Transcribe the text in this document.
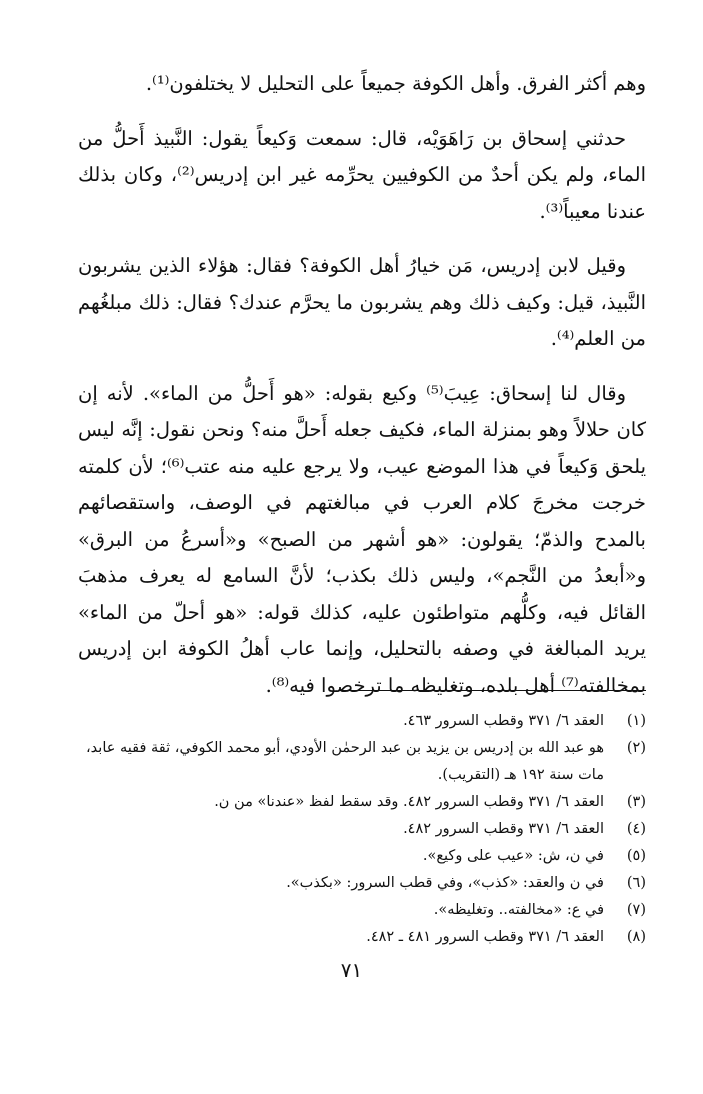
وهم أكثر الفرق. وأهل الكوفة جميعاً على التحليل لا يختلفون⁽¹⁾.

حدثني إسحاق بن رَاهَوَيْه، قال: سمعت وَكيعاً يقول: النَّبيذ أَحلُّ من الماء، ولم يكن أحدٌ من الكوفيين يحرِّمه غير ابن إدريس⁽²⁾، وكان بذلك عندنا معيباً⁽³⁾.

وقيل لابن إدريس، مَن خيارُ أهل الكوفة؟ فقال: هؤلاء الذين يشربون النَّبيذ، قيل: وكيف ذلك وهم يشربون ما يحرَّم عندك؟ فقال: ذلك مبلغُهم من العلم⁽⁴⁾.

وقال لنا إسحاق: عِيبَ⁽⁵⁾ وكيع بقوله: «هو أَحلُّ من الماء». لأنه إن كان حلالاً وهو بمنزلة الماء، فكيف جعله أَحلَّ منه؟ ونحن نقول: إنَّه ليس يلحق وَكيعاً في هذا الموضع عيب، ولا يرجع عليه منه عتب⁽⁶⁾؛ لأن كلمته خرجت مخرجَ كلام العرب في مبالغتهم في الوصف، واستقصائهم بالمدح والذمّ؛ يقولون: «هو أشهر من الصبح» و«أسرعُ من البرق» و«أبعدُ من النَّجم»، وليس ذلك بكذب؛ لأنَّ السامع له يعرف مذهبَ القائل فيه، وكلُّهم متواطئون عليه، كذلك قوله: «هو أحلّ من الماء» يريد المبالغة في وصفه بالتحليل، وإنما عاب أهلُ الكوفة ابن إدريس بمخالفته⁽⁷⁾ أهل بلده، وتغليظه ما ترخصوا فيه⁽⁸⁾.

(١)
العقد ٦/ ٣٧١ وقطب السرور ٤٦٣.
(٢)
هو عبد الله بن إدريس بن يزيد بن عبد الرحمٰن الأودي، أبو محمد الكوفي، ثقة فقيه عابد، مات سنة ١٩٢ هـ (التقريب).
(٣)
العقد ٦/ ٣٧١ وقطب السرور ٤٨٢. وقد سقط لفظ «عندنا» من ن.
(٤)
العقد ٦/ ٣٧١ وقطب السرور ٤٨٢.
(٥)
في ن، ش: «عيب على وكيع».
(٦)
في ن والعقد: «كذب»، وفي قطب السرور: «بكذب».
(٧)
في ع: «مخالفته.. وتغليظه».
(٨)
العقد ٦/ ٣٧١ وقطب السرور ٤٨١ ـ ٤٨٢.
٧١
